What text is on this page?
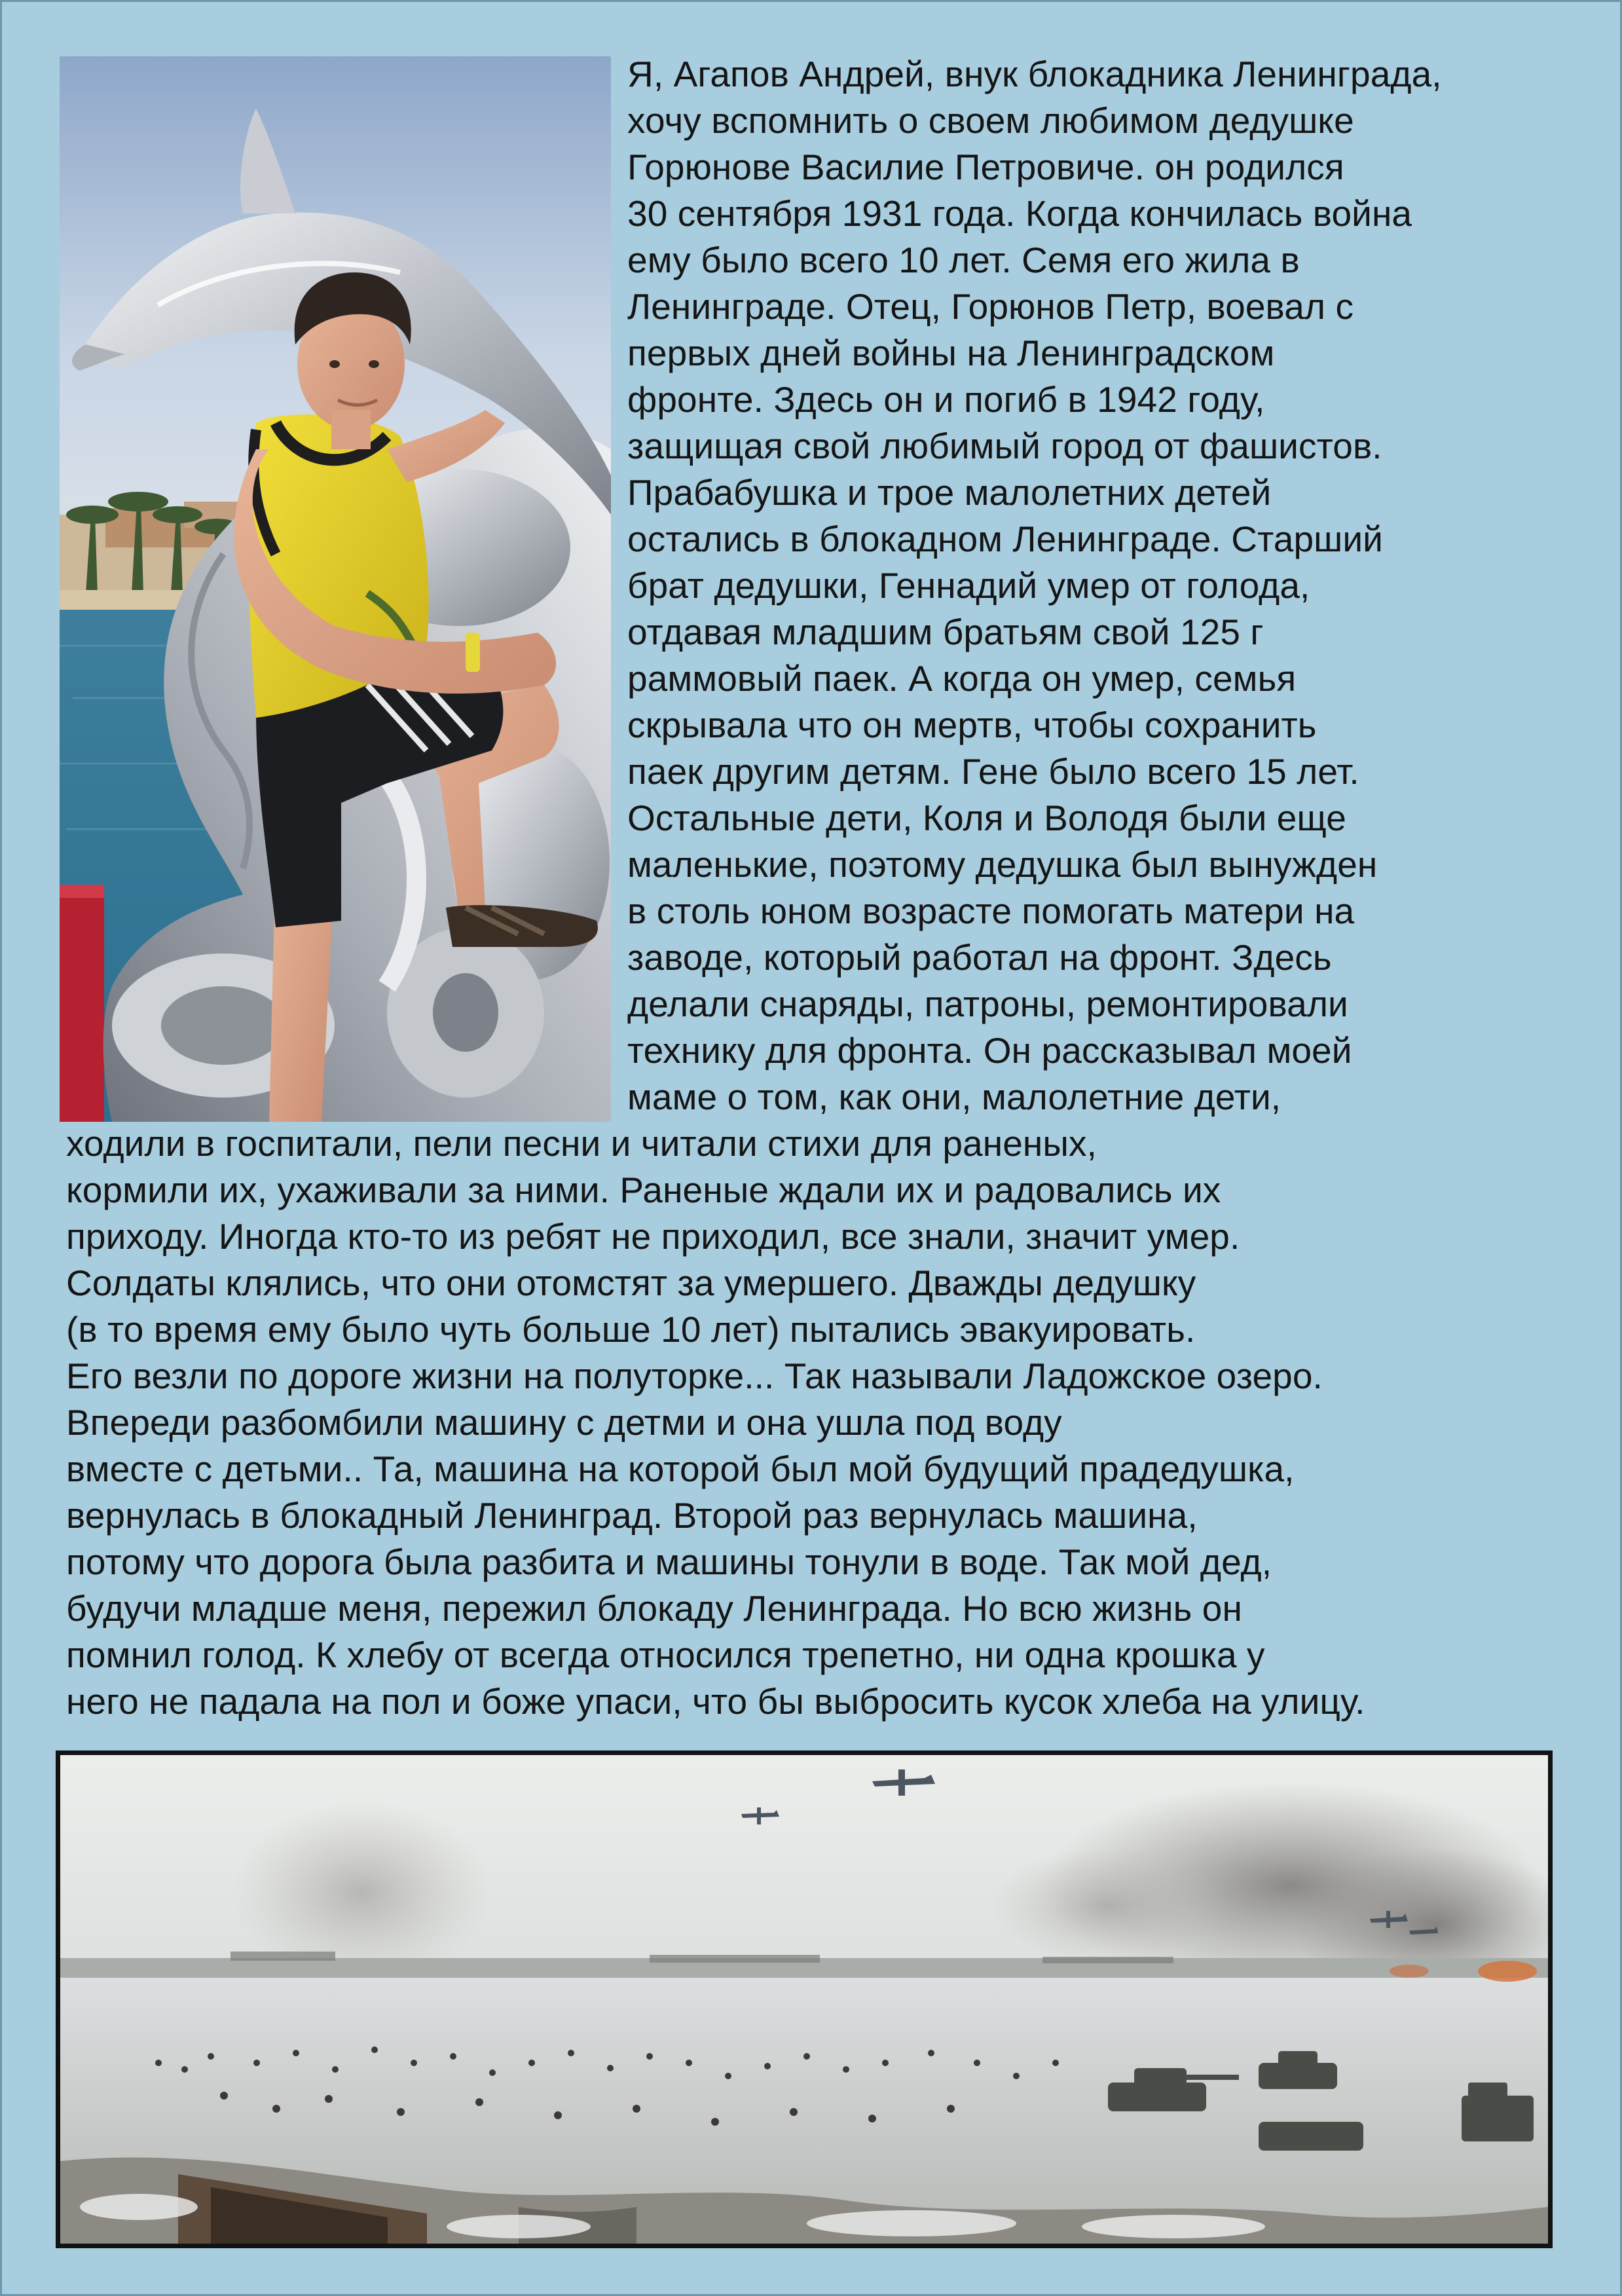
Я, Агапов Андрей, внук блокадника Ленинграда,
хочу вспомнить о своем любимом дедушке
Горюнове Василие Петровиче. он родился
30 сентября 1931 года. Когда кончилась война
ему было всего 10 лет. Семя его жила в
Ленинграде. Отец, Горюнов Петр, воевал с
первых дней войны на Ленинградском
фронте. Здесь он и погиб в 1942 году,
защищая свой любимый город от фашистов.
Прабабушка и трое малолетних детей
остались в блокадном Ленинграде. Старший
брат дедушки, Геннадий умер от голода,
отдавая младшим братьям свой 125 г
раммовый паек. А когда он умер, семья
скрывала что он мертв, чтобы сохранить
паек другим детям. Гене было всего 15 лет.
Остальные дети, Коля и Володя были еще
маленькие, поэтому дедушка был вынужден
в столь юном возрасте помогать матери на
заводе, который работал на фронт. Здесь
делали снаряды, патроны, ремонтировали
технику для фронта. Он рассказывал моей
маме о том, как они, малолетние дети,
ходили в госпитали, пели песни и читали стихи для раненых,
кормили их, ухаживали за ними. Раненые ждали их и радовались их
приходу. Иногда кто-то из ребят не приходил, все знали, значит умер.
Солдаты клялись, что они отомстят за умершего. Дважды дедушку
(в то время ему было чуть больше 10 лет) пытались эвакуировать.
Его везли по дороге жизни на полуторке... Так называли Ладожское озеро.
Впереди разбомбили машину с детми и она ушла под воду
вместе с детьми.. Та, машина на которой был мой будущий прадедушка,
вернулась в блокадный Ленинград. Второй раз вернулась машина,
потому что дорога была разбита и машины тонули в воде. Так мой дед,
будучи младше меня, пережил блокаду Ленинграда. Но всю жизнь он
помнил голод. К хлебу от всегда относился трепетно, ни одна крошка у
него не падала на пол и боже упаси, что бы выбросить кусок хлеба на улицу.
